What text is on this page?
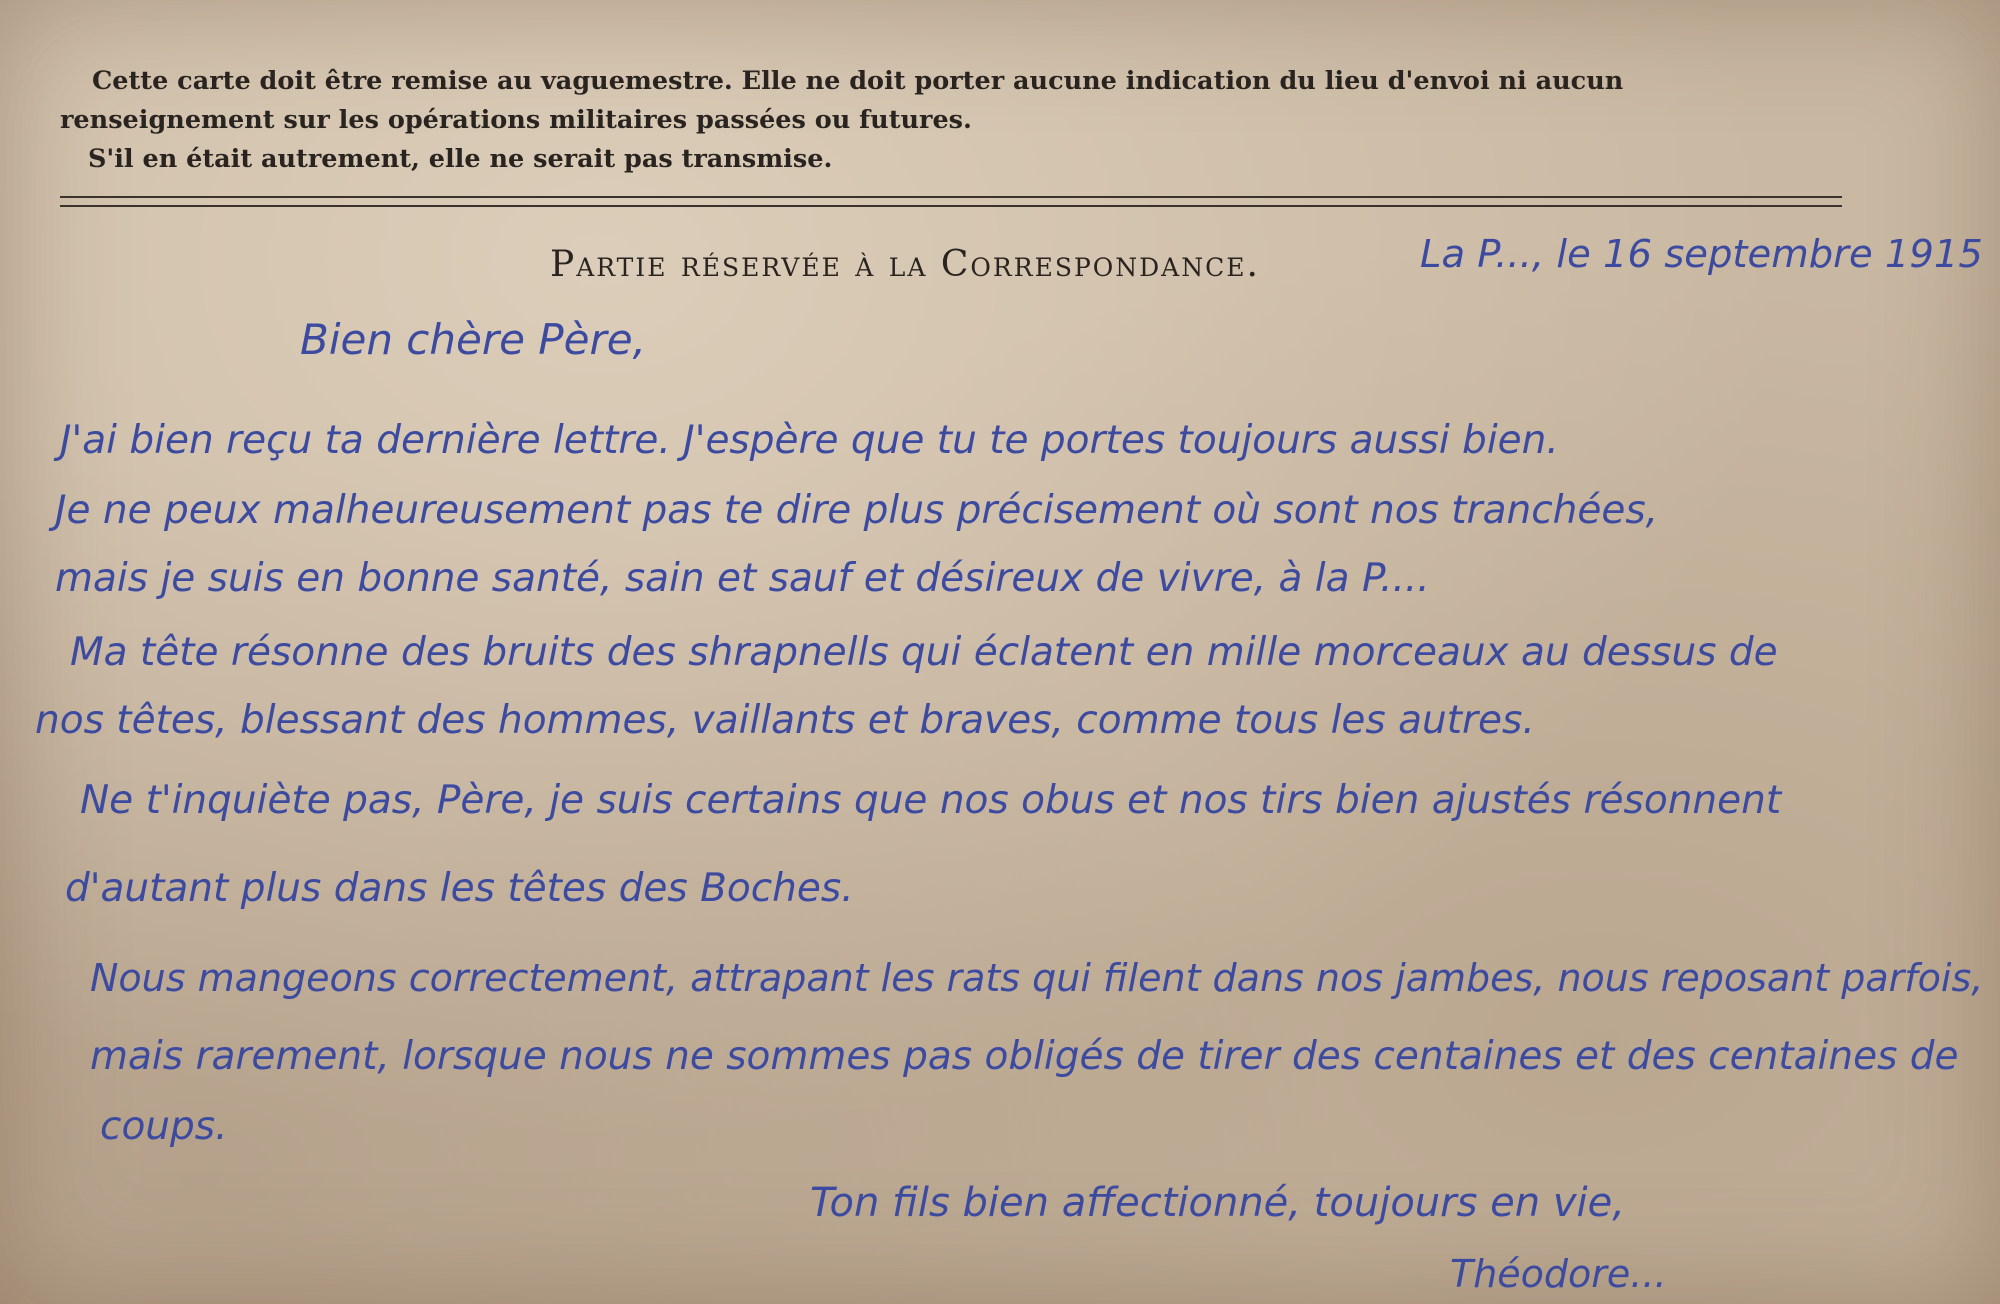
Cette carte doit être remise au vaguemestre. Elle ne doit porter aucune indication du lieu d'envoi ni aucun

renseignement sur les opérations militaires passées ou futures.

S'il en était autrement, elle ne serait pas transmise.

Partie réservée à la Correspondance.	La P..., le 16 septembre 1915
Bien chère Père,
J'ai bien reçu ta dernière lettre. J'espère que tu te portes toujours aussi bien.
Je ne peux malheureusement pas te dire plus précisement où sont nos tranchées,
mais je suis en bonne santé, sain et sauf et désireux de vivre, à la P....
Ma tête résonne des bruits des shrapnells qui éclatent en mille morceaux au dessus de
nos têtes, blessant des hommes, vaillants et braves, comme tous les autres.
Ne t'inquiète pas, Père, je suis certains que nos obus et nos tirs bien ajustés résonnent
d'autant plus dans les têtes des Boches.
Nous mangeons correctement, attrapant les rats qui filent dans nos jambes, nous reposant parfois,
mais rarement, lorsque nous ne sommes pas obligés de tirer des centaines et des centaines de
coups.
Ton fils bien affectionné, toujours en vie,
Théodore...
